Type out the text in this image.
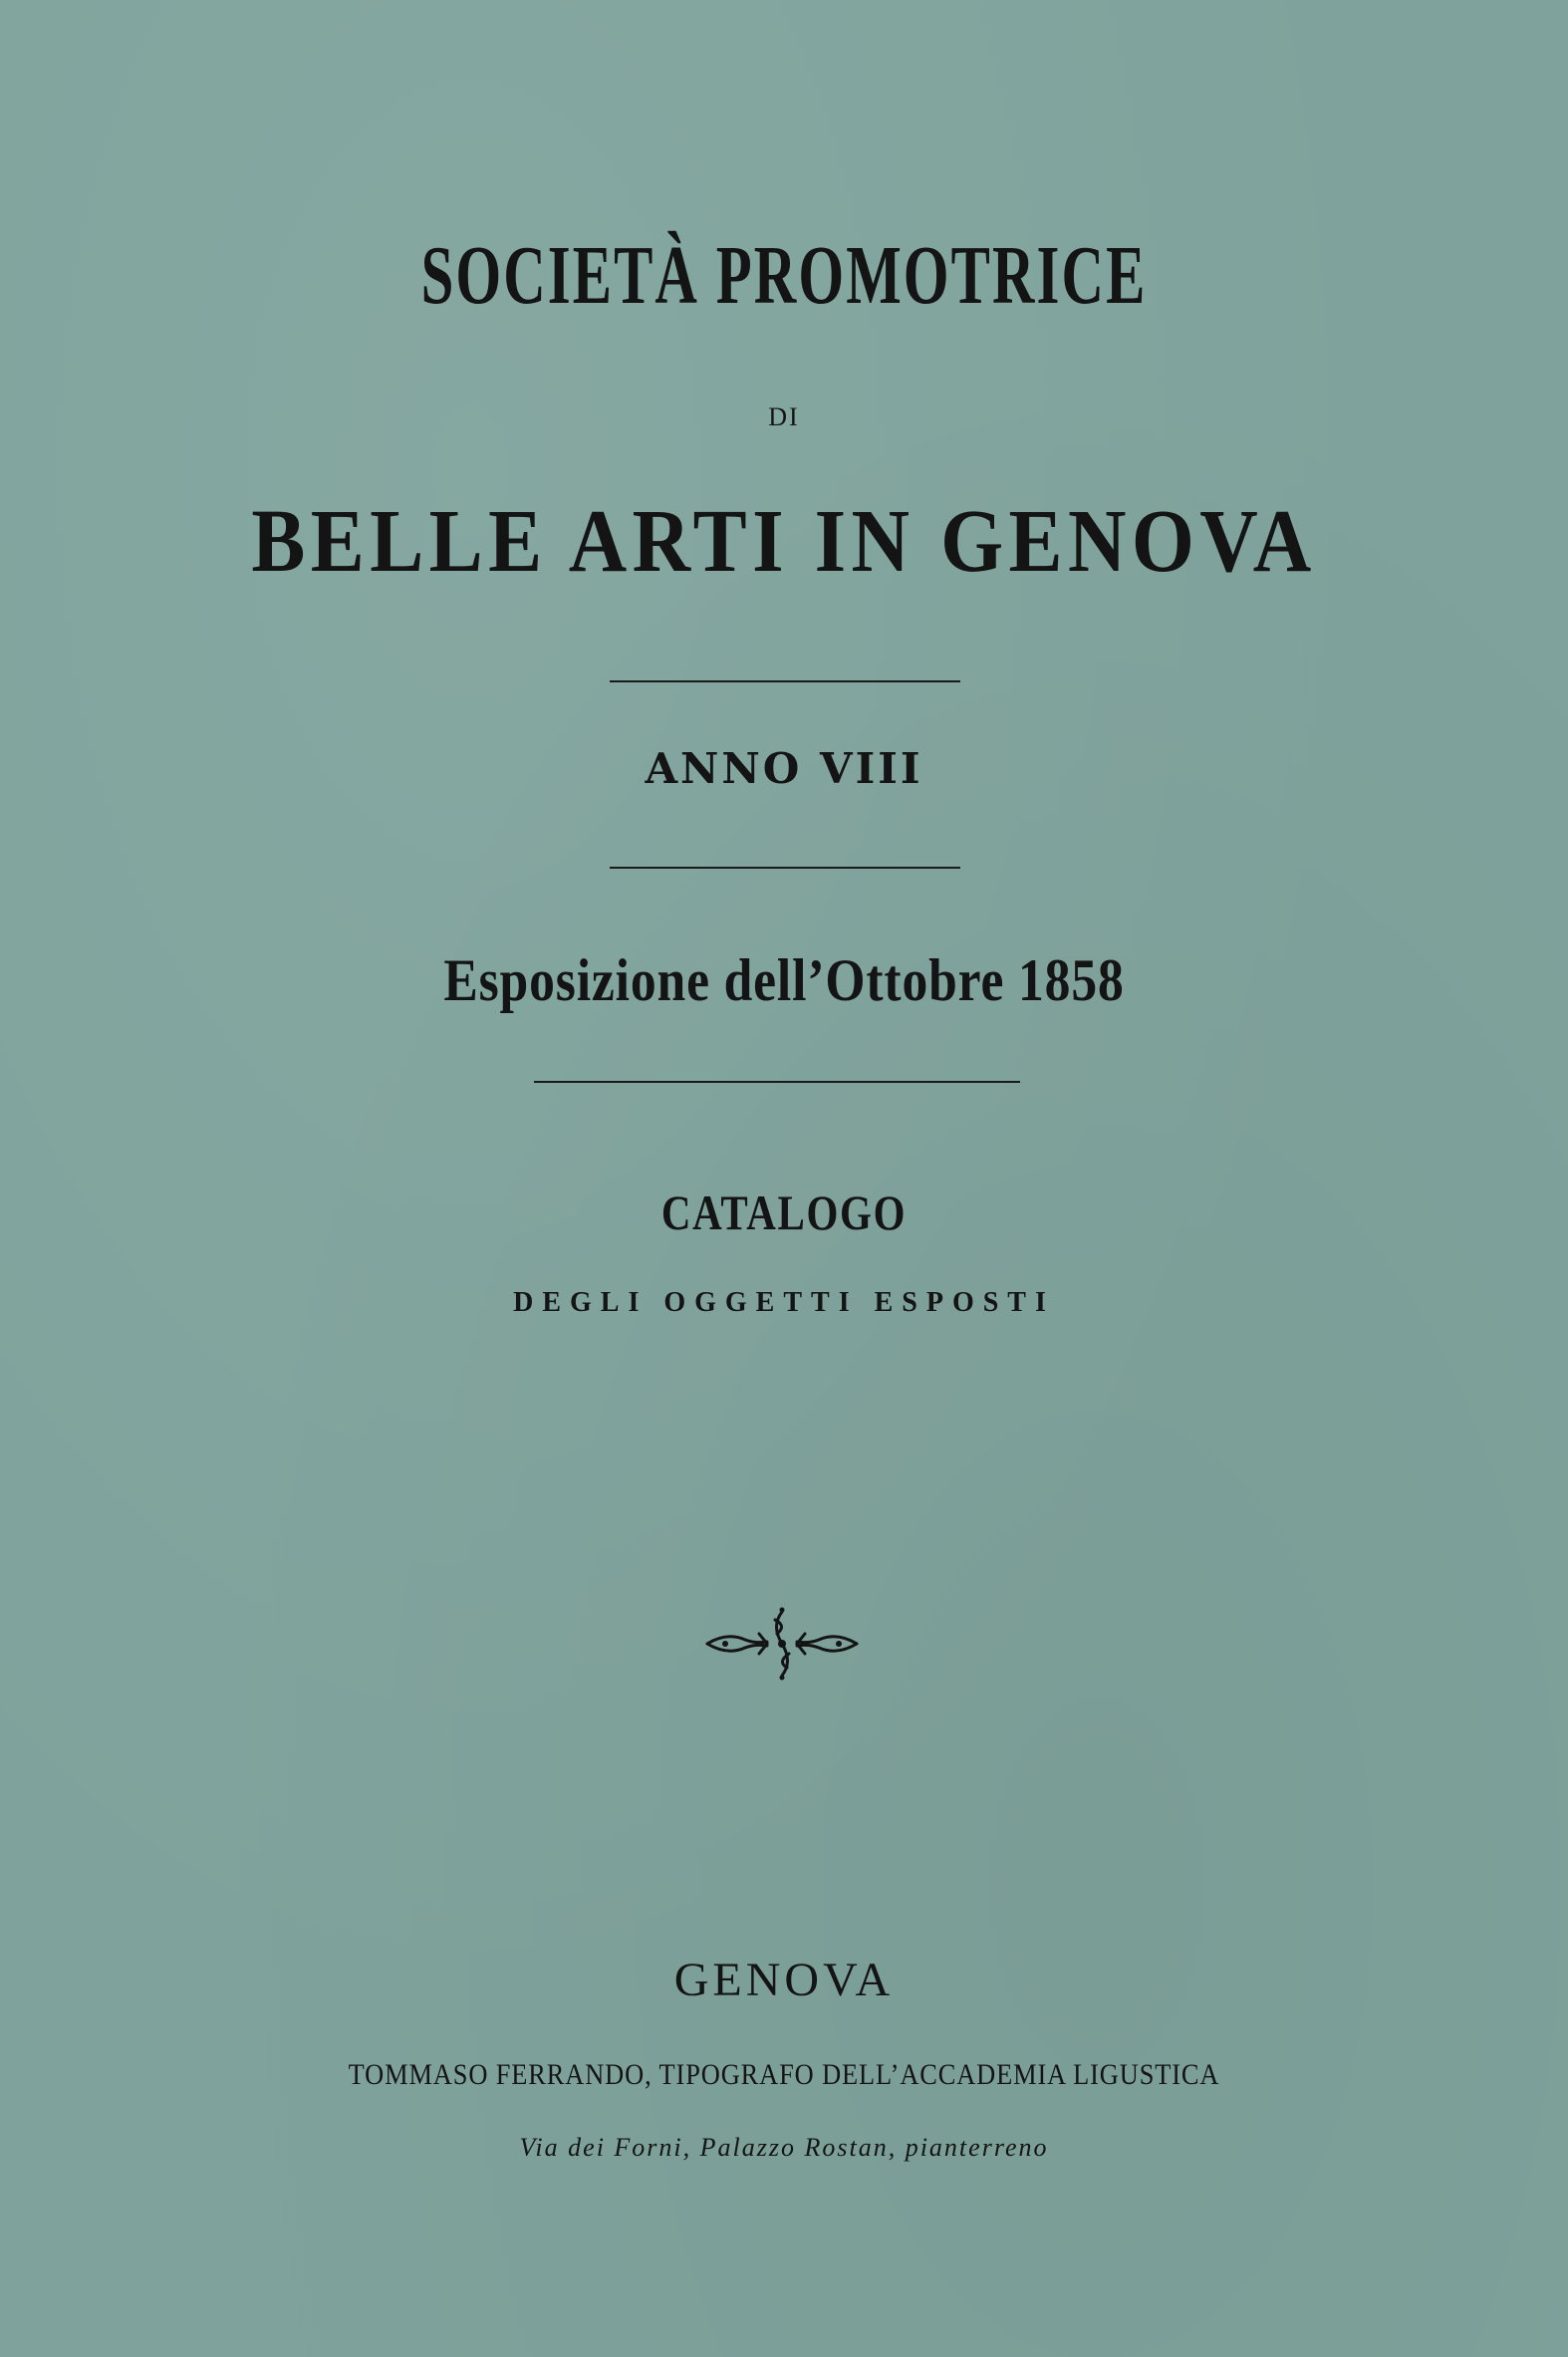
SOCIETÀ PROMOTRICE
DI
BELLE ARTI IN GENOVA
ANNO VIII
Esposizione dell’Ottobre 1858
CATALOGO
DEGLI OGGETTI ESPOSTI
GENOVA
TOMMASO FERRANDO, TIPOGRAFO DELL’ACCADEMIA LIGUSTICA
Via dei Forni, Palazzo Rostan, pianterreno
